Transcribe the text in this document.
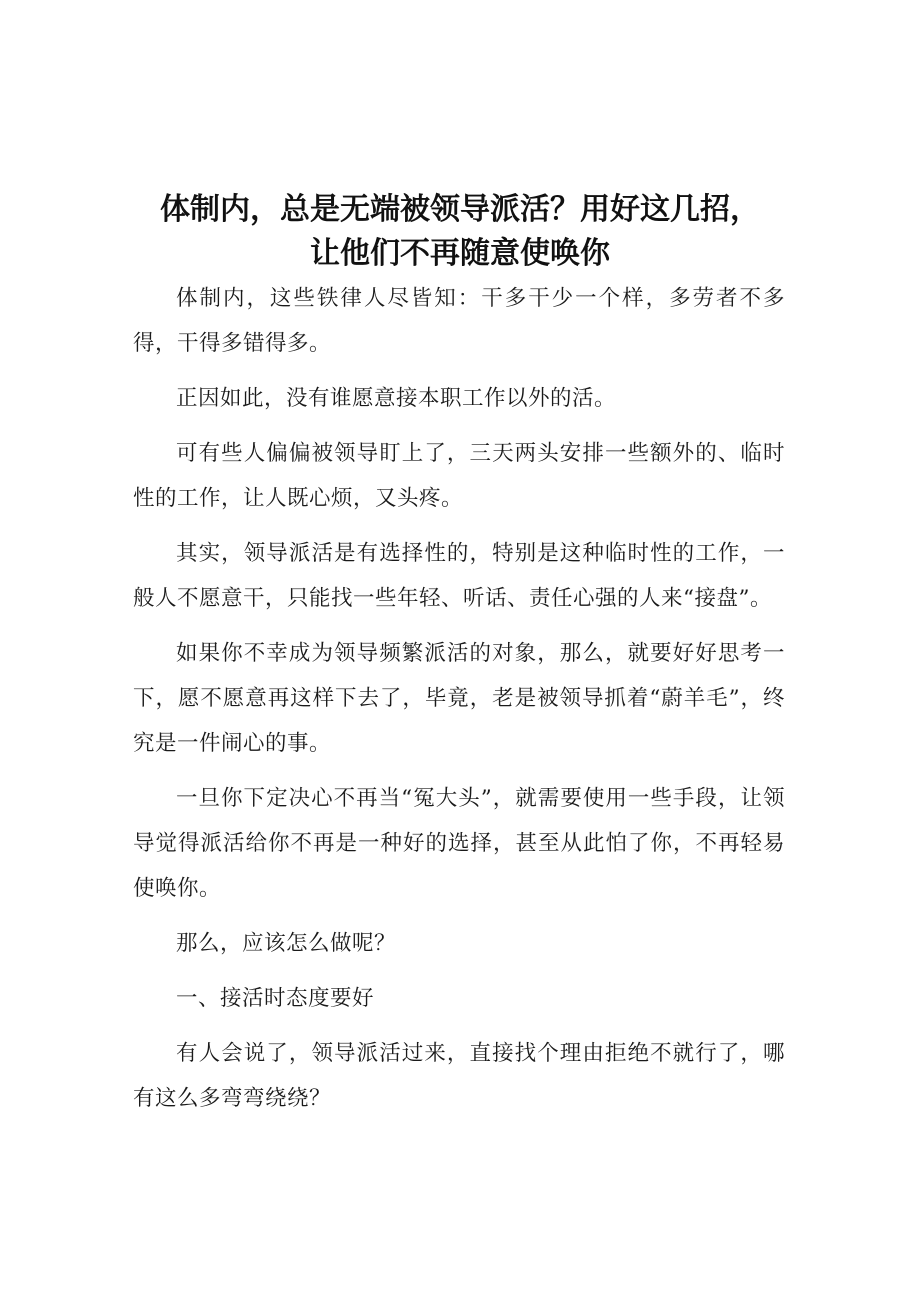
体制内，总是无端被领导派活？用好这几招，
让他们不再随意使唤你

体制内，这些铁律人尽皆知：干多干少一个样，多劳者不多得，干得多错得多。

正因如此，没有谁愿意接本职工作以外的活。

可有些人偏偏被领导盯上了，三天两头安排一些额外的、临时性的工作，让人既心烦，又头疼。

其实，领导派活是有选择性的，特别是这种临时性的工作，一般人不愿意干，只能找一些年轻、听话、责任心强的人来“接盘”。

如果你不幸成为领导频繁派活的对象，那么，就要好好思考一下，愿不愿意再这样下去了，毕竟，老是被领导抓着“蔚羊毛”，终究是一件闹心的事。

一旦你下定决心不再当“冤大头”，就需要使用一些手段，让领导觉得派活给你不再是一种好的选择，甚至从此怕了你，不再轻易使唤你。

那么，应该怎么做呢？

一、接活时态度要好

有人会说了，领导派活过来，直接找个理由拒绝不就行了，哪有这么多弯弯绕绕？
